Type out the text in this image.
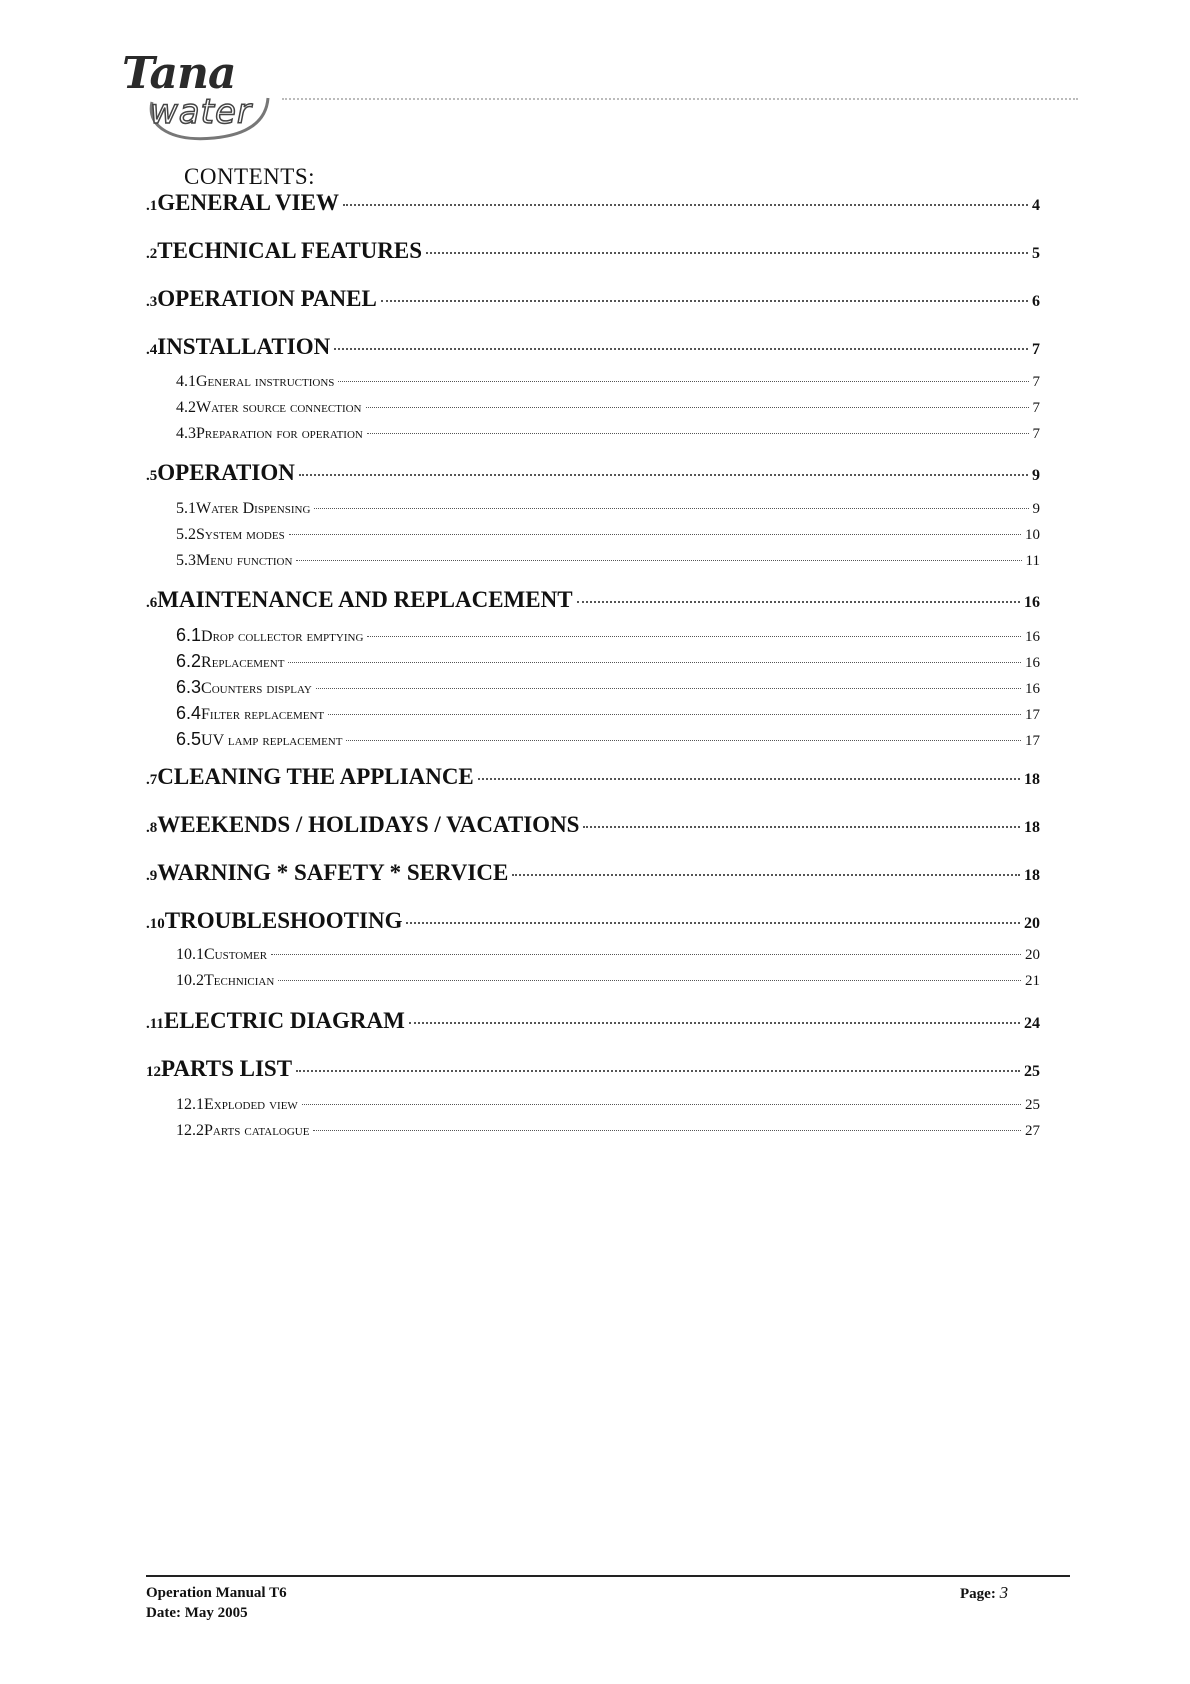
Tana
water
CONTENTS:
.1 GENERAL VIEW	4
.2 TECHNICAL FEATURES	5
.3 OPERATION PANEL	6
.4 INSTALLATION	7
4.1General instructions	7
4.2Water source connection	7
4.3Preparation for operation	7
.5 OPERATION	9
5.1Water Dispensing	9
5.2System modes	10
5.3Menu function	11
.6 MAINTENANCE AND REPLACEMENT	16
6.1 Drop collector emptying	16
6.2 Replacement	16
6.3 Counters display	16
6.4 Filter replacement	17
6.5 UV lamp replacement	17
.7 CLEANING THE APPLIANCE	18
.8 WEEKENDS / HOLIDAYS / VACATIONS	18
.9 WARNING * SAFETY * SERVICE	18
.10 TROUBLESHOOTING	20
10.1Customer	20
10.2Technician	21
.11 ELECTRIC DIAGRAM	24
12 PARTS LIST	25
12.1Exploded view	25
12.2Parts catalogue	27
Operation Manual T6
Date: May 2005
Page: 3
